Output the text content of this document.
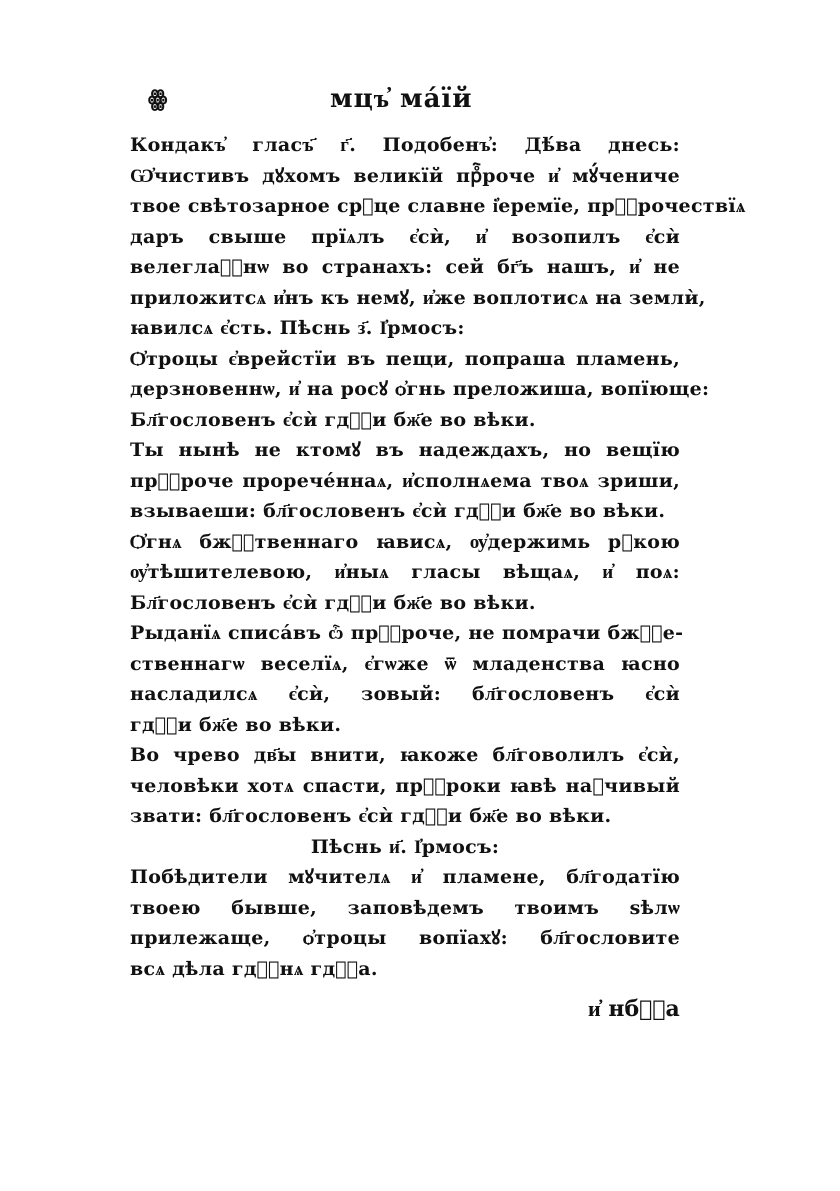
ꙮ	мцъ҆ мáїй
Кондакъ҆ гласъ҃ г҃. Подобенъ҆: Дѣ́ва днесь:
Ѡ҆чистивъ дꙋхомъ великїй прⷪ҇роче и҆ мꙋ́чениче
твое свѣтозарное срⷣце славне і҆еремїе, прⷪ҇рочествїѧ
даръ свыше прїѧлъ є҆сѝ, и҆ возопилъ є҆сѝ
велеглаⷭ҇нѡ во странахъ: сей бг҃ъ нашъ, и҆ не
приложитсѧ и҆нъ къ немꙋ, и҆же воплотисѧ на землѝ,
ꙗвилсѧ є҆сть. Пѣснь з҃. І҆рмосъ:
Ѻ҆троцы є҆врейстїи въ пещи, попраша пламень,
дерзновеннѡ, и҆ на росꙋ ѻ҆гнь преложиша, вопїюще:
Бл҃гословенъ є҆сѝ гдⷭ҇и бж҃е во вѣки.
Ты нынѣ не ктомꙋ въ надеждахъ, но вещїю
прⷪ҇роче прорече́ннаѧ, и҆сполнѧема твоѧ зриши,
взываеши: бл҃гословенъ є҆сѝ гдⷭ҇и бж҃е во вѣки.
Ѻ҆гнѧ бжⷭ҇твеннаго ꙗвисѧ, ѹ҆держимь рꙋкою
ѹ҆тѣшителевою, и҆ныѧ гласы вѣщаѧ, и҆ поѧ:
Бл҃гословенъ є҆сѝ гдⷭ҇и бж҃е во вѣки.
Рыданїѧ списа́въ ѽ прⷪ҇роче, не помрачи бжⷭ҇е-
ственнагѡ веселїѧ, є҆гѡже ѿ младенства ꙗсно
насладилсѧ є҆сѝ, зовый: бл҃гословенъ є҆сѝ
гдⷭ҇и бж҃е во вѣки.
Во чрево дв҃ы внити, ꙗкоже бл҃говолилъ є҆сѝ,
человѣки хотѧ спасти, прⷪ҇роки ꙗвѣ наꙋчивый
звати: бл҃гословенъ є҆сѝ гдⷭ҇и бж҃е во вѣки.
Пѣснь и҃. І҆рмосъ:
Побѣдители мꙋчителѧ и҆ пламене, бл҃годатїю
твоею бывше, заповѣдемъ твоимъ ѕѣлѡ
прилежаще, ѻ҆троцы вопїахꙋ: бл҃гословите
всѧ дѣла гдⷭ҇нѧ гдⷭ҇а.
и҆ нбⷭ҇а
